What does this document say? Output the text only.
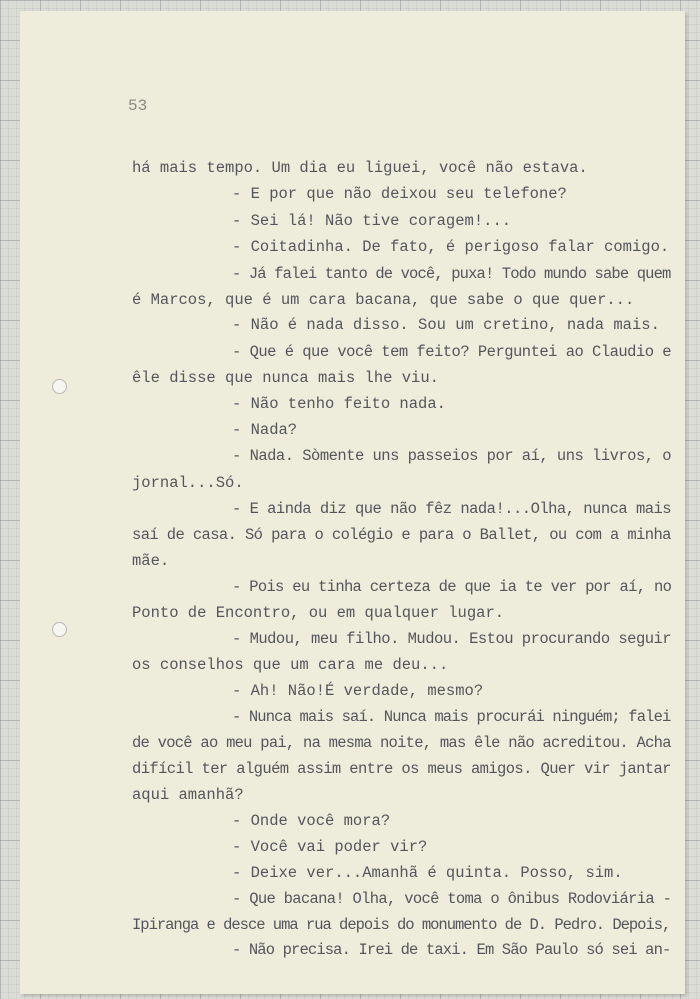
53
há mais tempo. Um dia eu liguei, você não estava.
- E por que não deixou seu telefone?
- Sei lá! Não tive coragem!...
- Coitadinha. De fato, é perigoso falar comigo.
- Já falei tanto de você, puxa! Todo mundo sabe quem
é Marcos, que é um cara bacana, que sabe o que quer...
- Não é nada disso. Sou um cretino, nada mais.
- Que é que você tem feito? Perguntei ao Claudio e
êle disse que nunca mais lhe viu.
- Não tenho feito nada.
- Nada?
- Nada. Sòmente uns passeios por aí, uns livros, o
jornal...Só.
- E ainda diz que não fêz nada!...Olha, nunca mais
saí de casa. Só para o colégio e para o Ballet, ou com a minha
mãe.
- Pois eu tinha certeza de que ia te ver por aí, no
Ponto de Encontro, ou em qualquer lugar.
- Mudou, meu filho. Mudou. Estou procurando seguir
os conselhos que um cara me deu...
- Ah! Não!É verdade, mesmo?
- Nunca mais saí. Nunca mais procurái ninguém; falei
de você ao meu pai, na mesma noite, mas êle não acreditou. Acha
difícil ter alguém assim entre os meus amigos. Quer vir jantar
aqui amanhã?
- Onde você mora?
- Você vai poder vir?
- Deixe ver...Amanhã é quinta. Posso, sim.
- Que bacana! Olha, você toma o ônibus Rodoviária -
Ipiranga e desce uma rua depois do monumento de D. Pedro. Depois,
- Não precisa. Irei de taxi. Em São Paulo só sei an-
